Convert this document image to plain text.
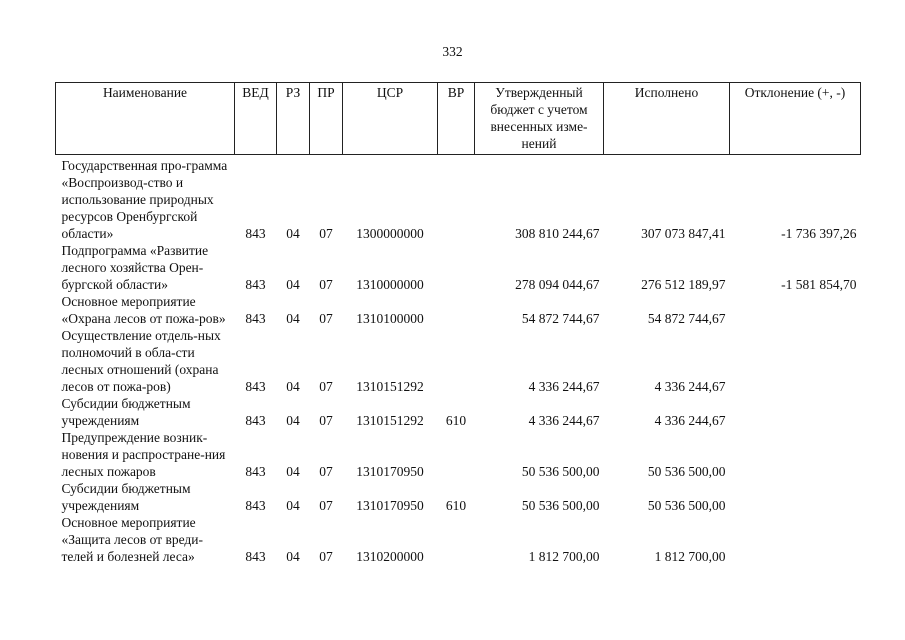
332
Наименование	ВЕД	РЗ	ПР	ЦСР	ВР	Утвержденный бюджет с учетом внесенных изме-нений	Исполнено	Отклонение (+, -)
Государственная про-грамма «Воспроизвод-ство и использование природных ресурсов Оренбургской области»	843	04	07	1300000000		308 810 244,67	307 073 847,41	-1 736 397,26
Подпрограмма «Развитие лесного хозяйства Орен-бургской области»	843	04	07	1310000000		278 094 044,67	276 512 189,97	-1 581 854,70
Основное мероприятие «Охрана лесов от пожа-ров»	843	04	07	1310100000		54 872 744,67	54 872 744,67	
Осуществление отдель-ных полномочий в обла-сти лесных отношений (охрана лесов от пожа-ров)	843	04	07	1310151292		4 336 244,67	4 336 244,67	
Субсидии бюджетным учреждениям	843	04	07	1310151292	610	4 336 244,67	4 336 244,67	
Предупреждение возник-новения и распростране-ния лесных пожаров	843	04	07	1310170950		50 536 500,00	50 536 500,00	
Субсидии бюджетным учреждениям	843	04	07	1310170950	610	50 536 500,00	50 536 500,00	
Основное мероприятие «Защита лесов от вреди-телей и болезней леса»	843	04	07	1310200000		1 812 700,00	1 812 700,00	
